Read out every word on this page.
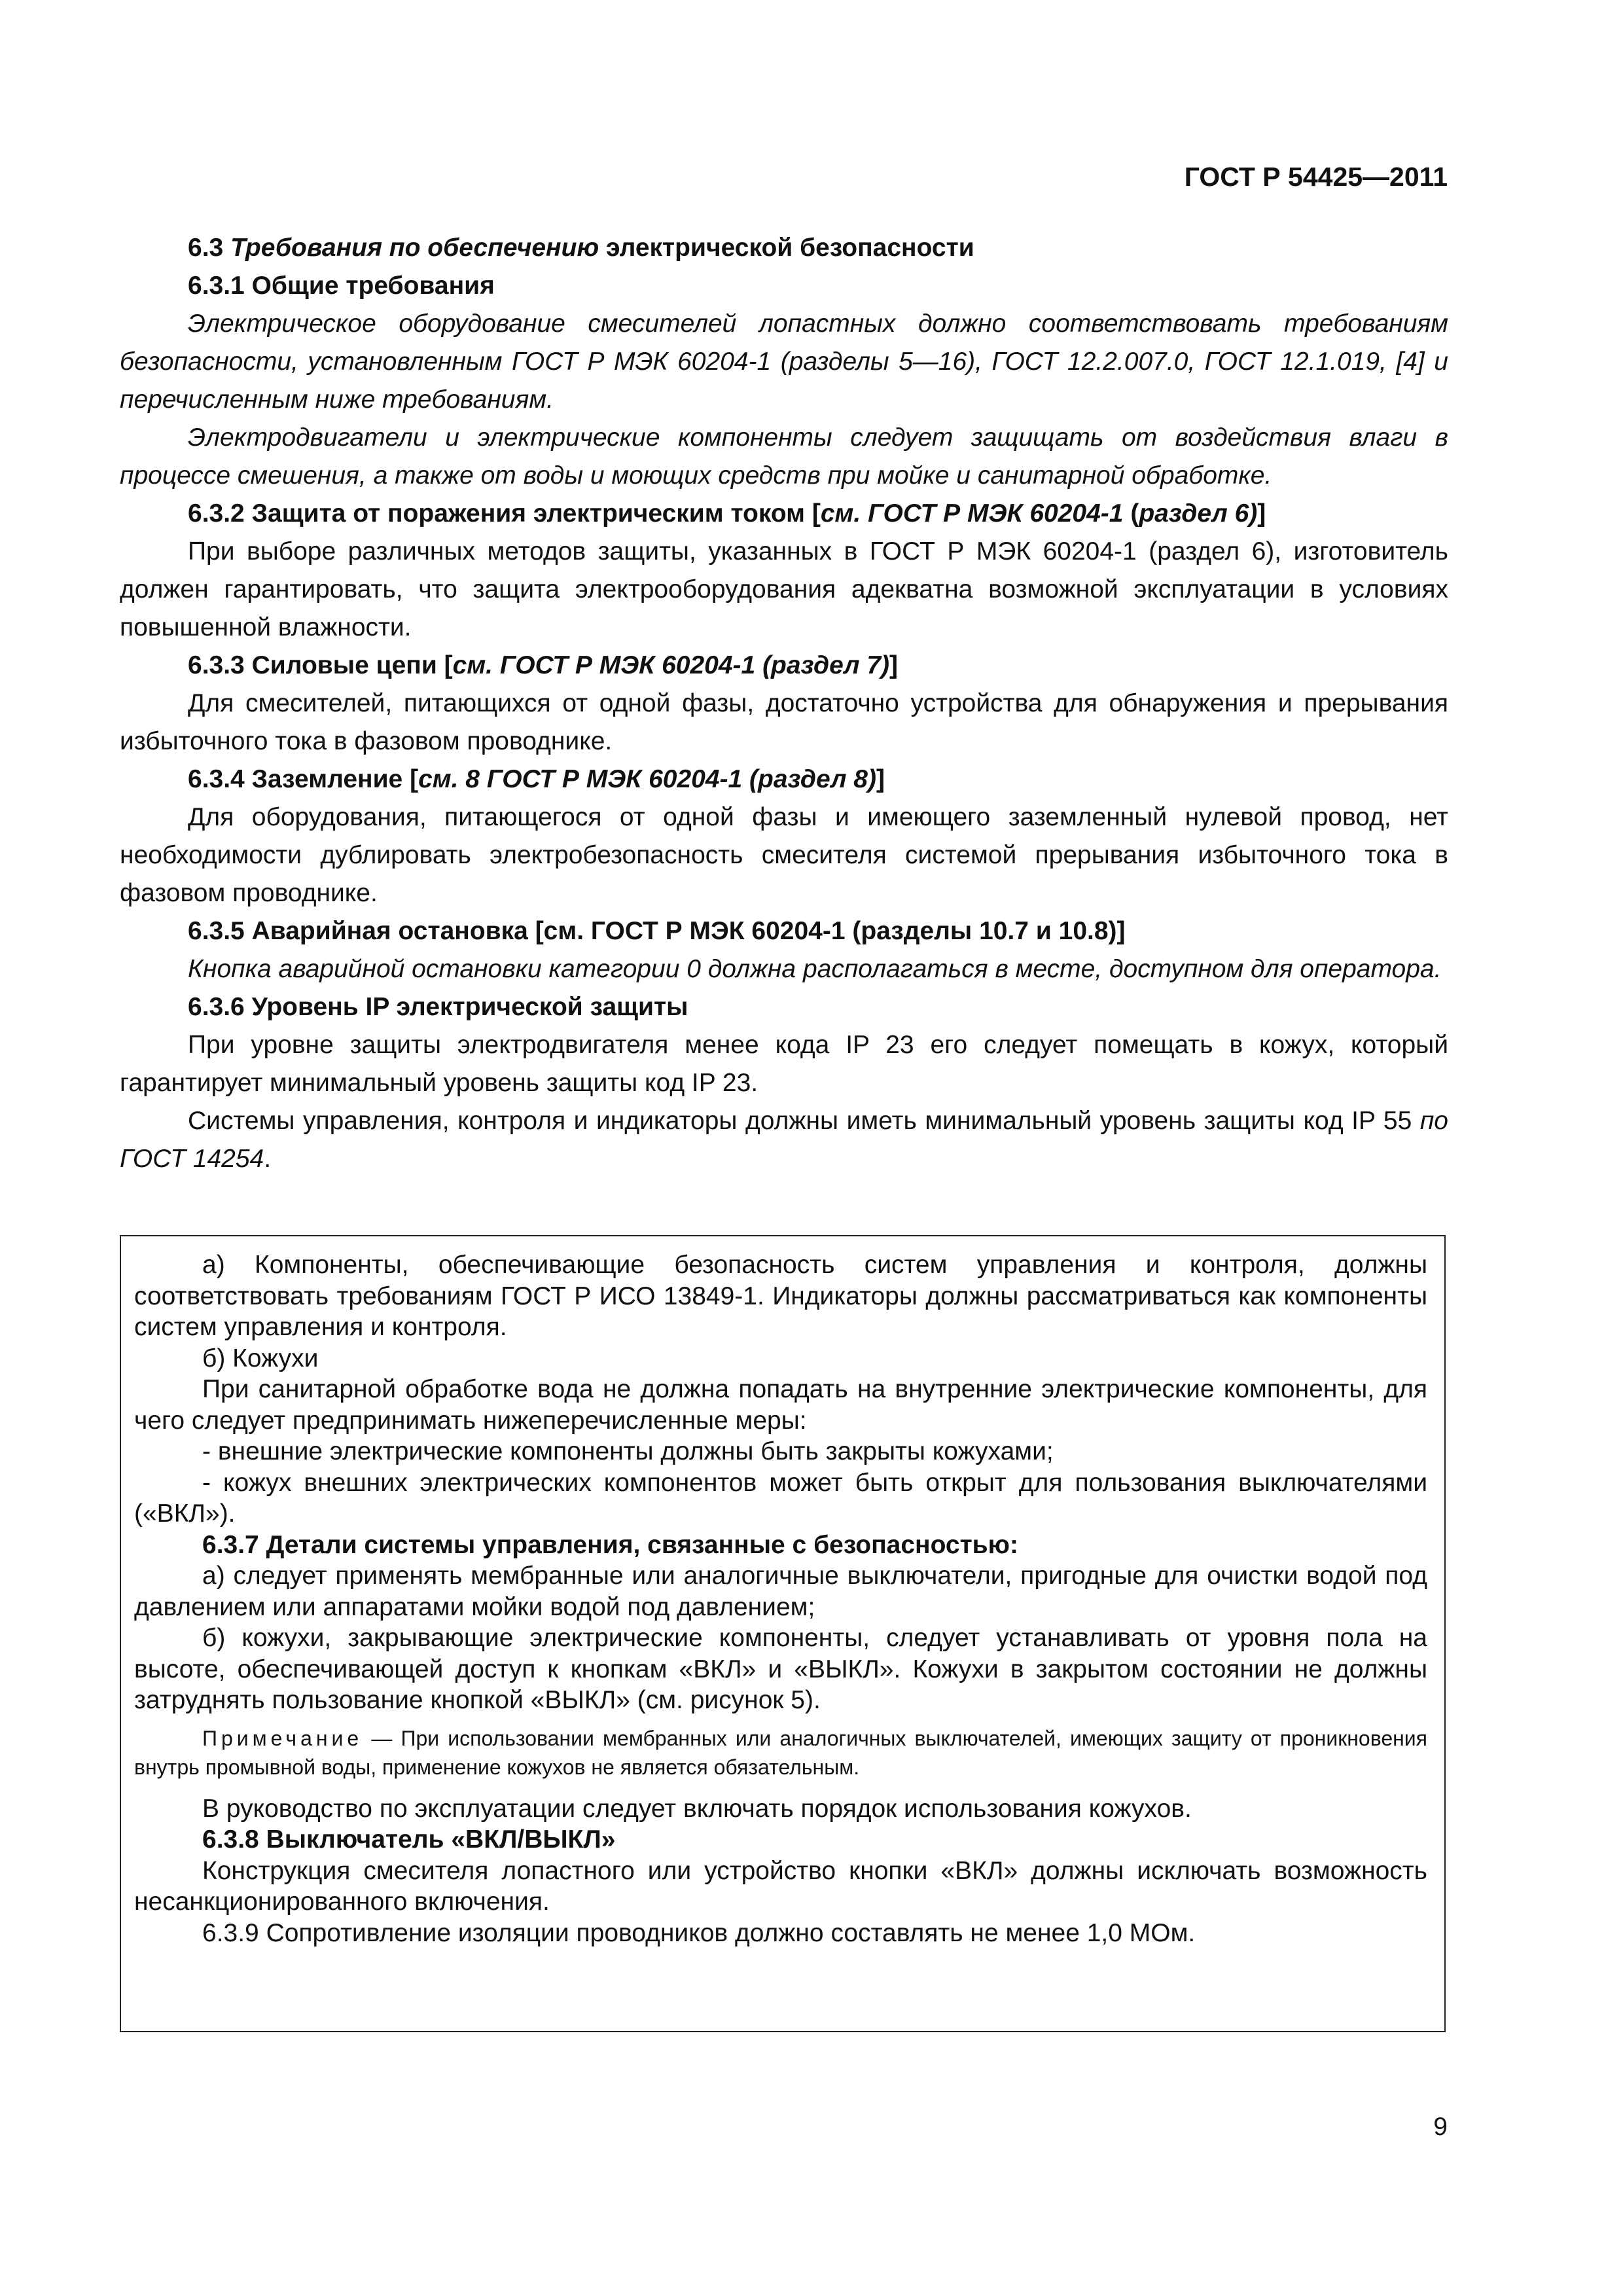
ГОСТ Р 54425—2011

6.3 Требования по обеспечению электрической безопасности

6.3.1 Общие требования

Электрическое оборудование смесителей лопастных должно соответствовать требованиям безопасности, установленным ГОСТ Р МЭК 60204-1 (разделы 5—16), ГОСТ 12.2.007.0, ГОСТ 12.1.019, [4] и перечисленным ниже требованиям.

Электродвигатели и электрические компоненты следует защищать от воздействия влаги в процессе смешения, а также от воды и моющих средств при мойке и санитарной обработке.

6.3.2 Защита от поражения электрическим током [см. ГОСТ Р МЭК 60204-1 (раздел 6)]

При выборе различных методов защиты, указанных в ГОСТ Р МЭК 60204-1 (раздел 6), изготовитель должен гарантировать, что защита электрооборудования адекватна возможной эксплуатации в условиях повышенной влажности.

6.3.3 Силовые цепи [см. ГОСТ Р МЭК 60204-1 (раздел 7)]

Для смесителей, питающихся от одной фазы, достаточно устройства для обнаружения и прерывания избыточного тока в фазовом проводнике.

6.3.4 Заземление [см. 8 ГОСТ Р МЭК 60204-1 (раздел 8)]

Для оборудования, питающегося от одной фазы и имеющего заземленный нулевой провод, нет необходимости дублировать электробезопасность смесителя системой прерывания избыточного тока в фазовом проводнике.

6.3.5 Аварийная остановка [см. ГОСТ Р МЭК 60204-1 (разделы 10.7 и 10.8)]

Кнопка аварийной остановки категории 0 должна располагаться в месте, доступном для оператора.

6.3.6 Уровень IP электрической защиты

При уровне защиты электродвигателя менее кода IP 23 его следует помещать в кожух, который гарантирует минимальный уровень защиты код IP 23.

Системы управления, контроля и индикаторы должны иметь минимальный уровень защиты код IP 55 по ГОСТ 14254.

а) Компоненты, обеспечивающие безопасность систем управления и контроля, должны соответствовать требованиям ГОСТ Р ИСО 13849-1. Индикаторы должны рассматриваться как компоненты систем управления и контроля.

б) Кожухи

При санитарной обработке вода не должна попадать на внутренние электрические компоненты, для чего следует предпринимать нижеперечисленные меры:

- внешние электрические компоненты должны быть закрыты кожухами;

- кожух внешних электрических компонентов может быть открыт для пользования выключателями («ВКЛ»).

6.3.7 Детали системы управления, связанные с безопасностью:

а) следует применять мембранные или аналогичные выключатели, пригодные для очистки водой под давлением или аппаратами мойки водой под давлением;

б) кожухи, закрывающие электрические компоненты, следует устанавливать от уровня пола на высоте, обеспечивающей доступ к кнопкам «ВКЛ» и «ВЫКЛ». Кожухи в закрытом состоянии не должны затруднять пользование кнопкой «ВЫКЛ» (см. рисунок 5).

Примечание — При использовании мембранных или аналогичных выключателей, имеющих защиту от проникновения внутрь промывной воды, применение кожухов не является обязательным.

В руководство по эксплуатации следует включать порядок использования кожухов.

6.3.8 Выключатель «ВКЛ/ВЫКЛ»

Конструкция смесителя лопастного или устройство кнопки «ВКЛ» должны исключать возможность несанкционированного включения.

6.3.9 Сопротивление изоляции проводников должно составлять не менее 1,0 МОм.

9
